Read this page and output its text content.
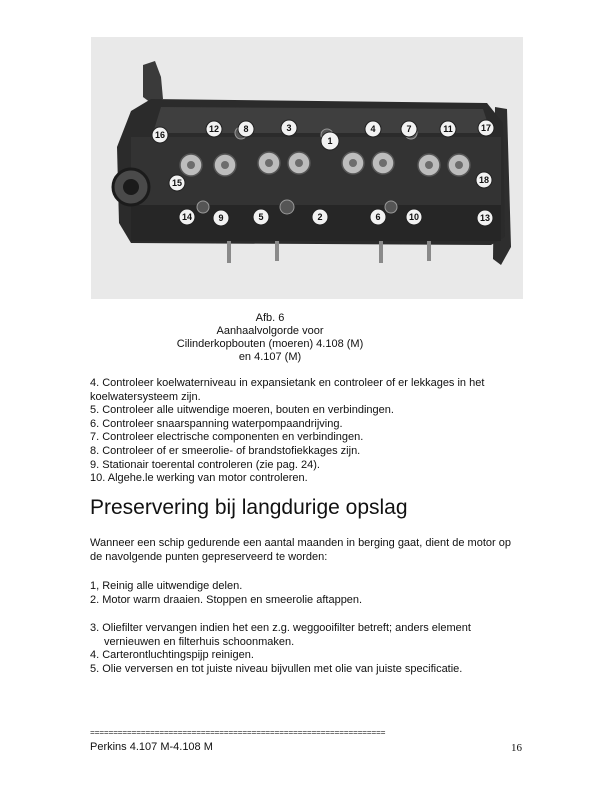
12	8	3
1
4	7	11	17
16
15	18
14	9	5	2	6	10	13
Afb. 6
Aanhaalvolgorde voor
Cilinderkopbouten (moeren) 4.108 (M)
en 4.107 (M)
4. Controleer koelwaterniveau in expansietank en controleer of er lekkages in het
koelwatersysteem zijn.
5. Controleer alle uitwendige moeren, bouten en verbindingen.
6. Controleer snaarspanning waterpompaandrijving.
7. Controleer electrische componenten en verbindingen.
8. Controleer of er smeerolie- of brandstofiekkages zijn.
9. Stationair toerental controleren (zie pag. 24).
10. Algehe.le werking van motor controleren.
Preservering bij langdurige opslag
Wanneer een schip gedurende een aantal maanden in berging gaat, dient de motor op de navolgende punten gepreserveerd te worden:
1, Reinig alle uitwendige delen.
2. Motor warm draaien. Stoppen en smeerolie aftappen.
3. Oliefilter vervangen indien het een z.g. weggooifilter betreft; anders element
vernieuwen en filterhuis schoonmaken.
4. Carterontluchtingspijp reinigen.
5. Olie verversen en tot juiste niveau bijvullen met olie van juiste specificatie.
================================================================
Perkins 4.107 M-4.108 M	16
